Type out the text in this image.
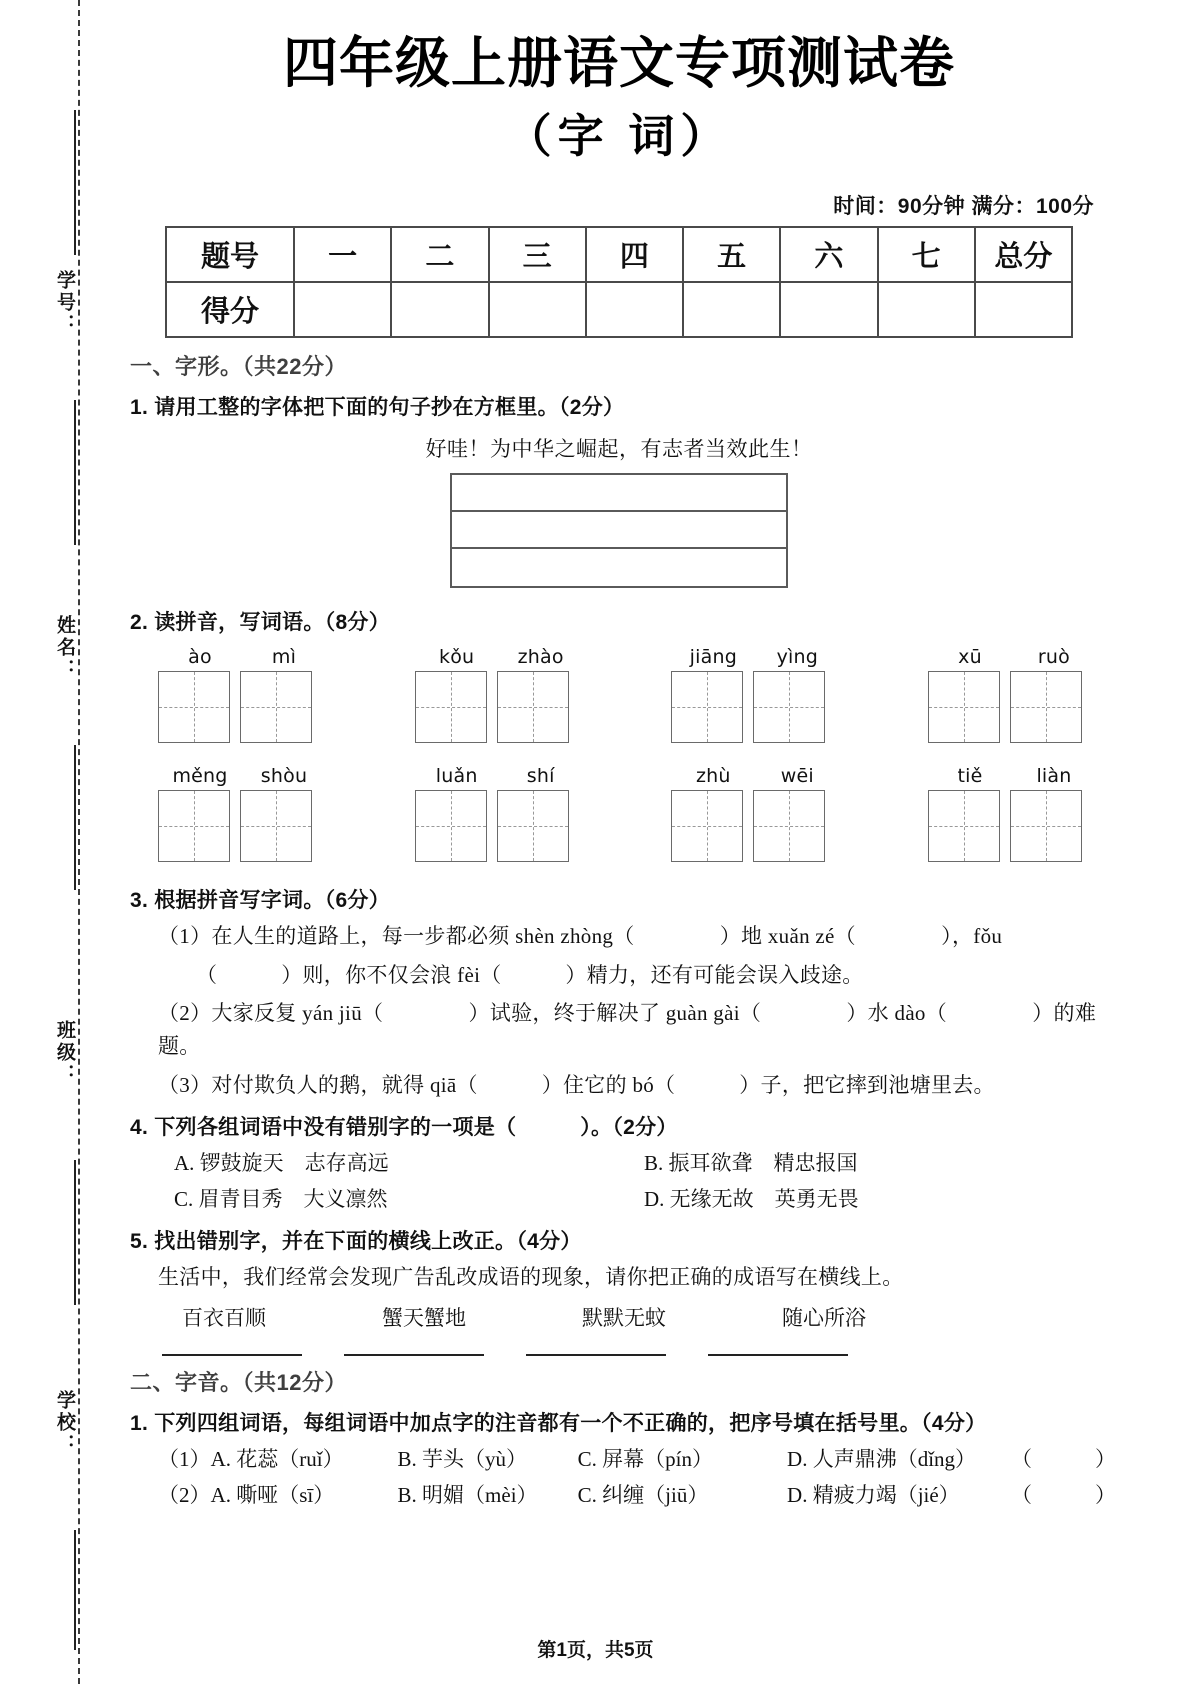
学号：
姓名：
班级：
学校：
四年级上册语文专项测试卷
（字 词）
时间：90分钟 满分：100分
题号	一	二	三	四	五	六	七	总分
得分								
一、字形。（共22分）
1. 请用工整的字体把下面的句子抄在方框里。（2分）
好哇！为中华之崛起，有志者当效此生！
2. 读拼音，写词语。（8分）
ào	mì	kǒu	zhào	jiāng	yìng	xū	ruò
měng	shòu	luǎn	shí	zhù	wēi	tiě	liàn
3. 根据拼音写字词。（6分）
（1）在人生的道路上，每一步都必须 shèn zhòng（　　　　）地 xuǎn zé（　　　　），fǒu
（　　　）则，你不仅会浪 fèi（　　　）精力，还有可能会误入歧途。
（2）大家反复 yán jiū（　　　　）试验，终于解决了 guàn gài（　　　　）水 dào（　　　　）的难题。
（3）对付欺负人的鹅，就得 qiā（　　　）住它的 bó（　　　）子，把它摔到池塘里去。
4. 下列各组词语中没有错别字的一项是（　　　）。（2分）
A. 锣鼓旋天 志存高远	B. 振耳欲聋 精忠报国
C. 眉青目秀 大义凛然	D. 无缘无故 英勇无畏
5. 找出错别字，并在下面的横线上改正。（4分）
生活中，我们经常会发现广告乱改成语的现象，请你把正确的成语写在横线上。
百衣百顺	蟹天蟹地	默默无蚊	随心所浴
二、字音。（共12分）
1. 下列四组词语，每组词语中加点字的注音都有一个不正确的，把序号填在括号里。（4分）
（1） A. 花蕊（ruǐ）	B. 芋头（yù）	C. 屏幕（pín）	D. 人声鼎沸（dǐng）	（　　　）
（2） A. 嘶哑（sī）	B. 明媚（mèi）	C. 纠缠（jiū）	D. 精疲力竭（jié）	（　　　）
第1页，共5页
